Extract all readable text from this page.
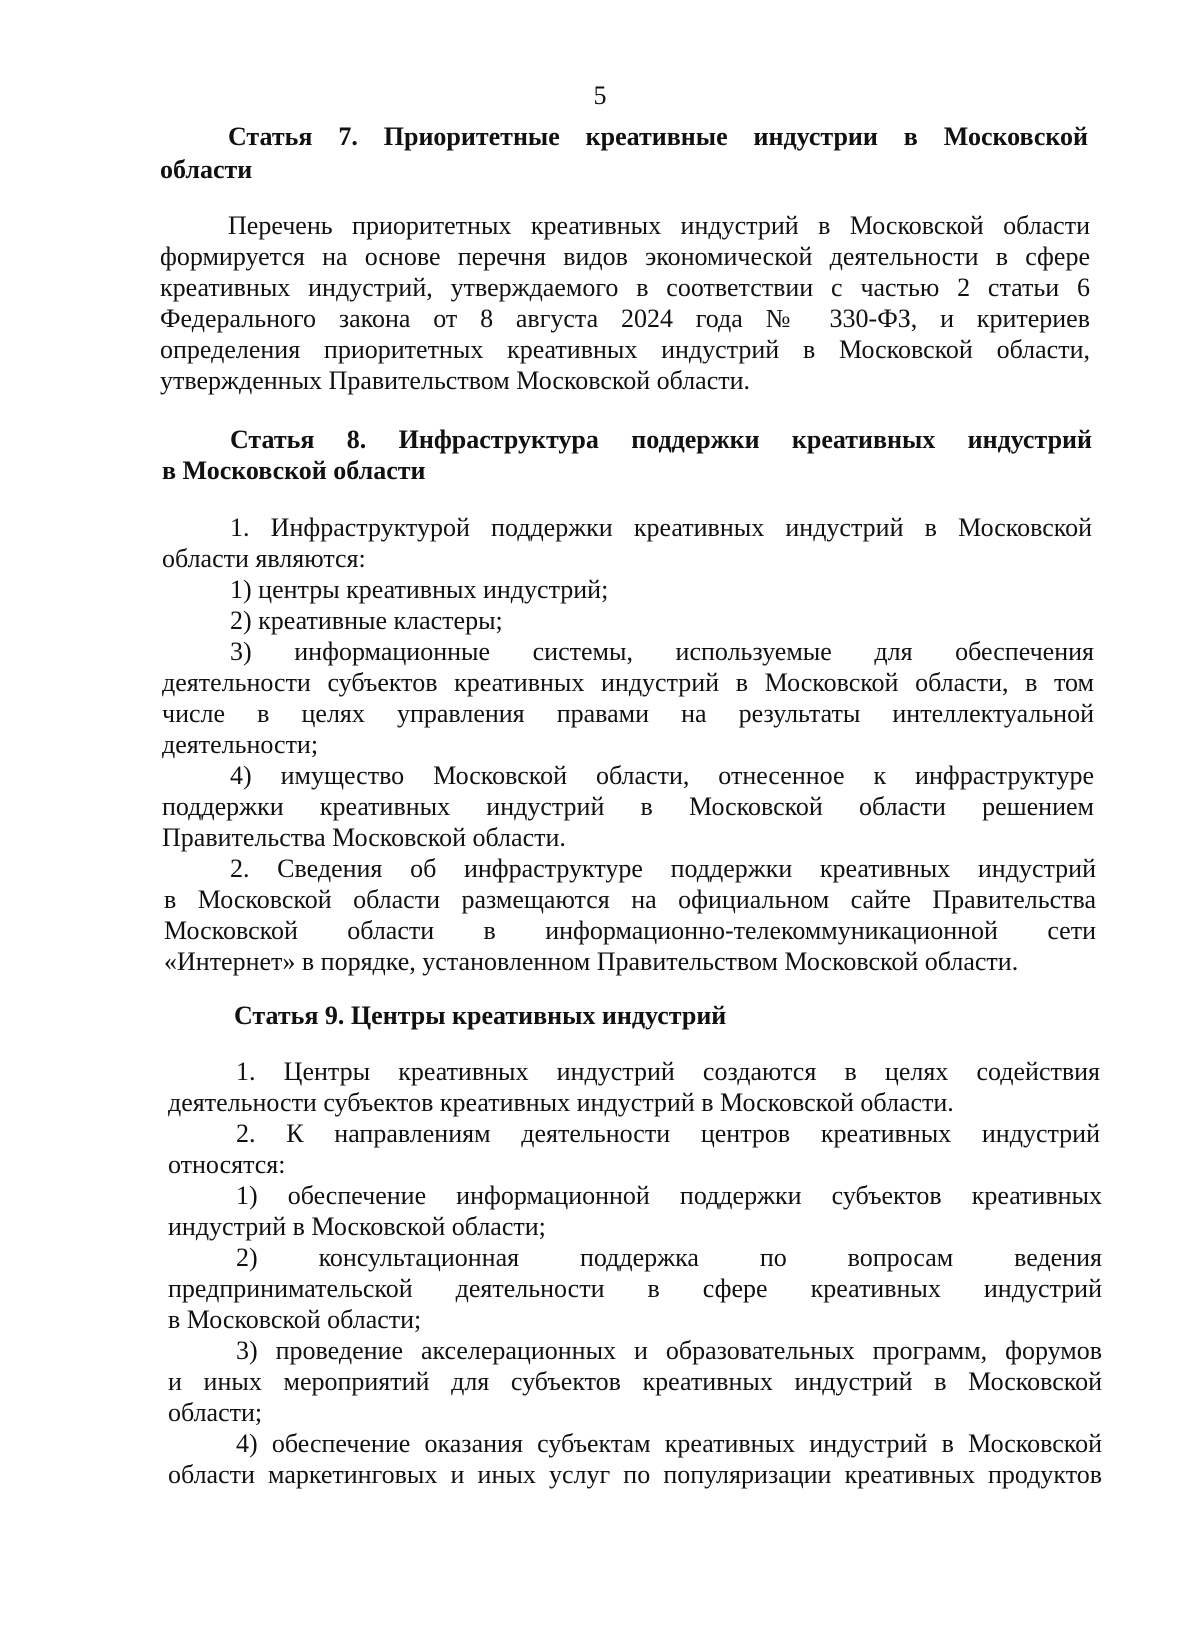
5
Статья 7. Приоритетные креативные индустрии в Московской
области
Перечень приоритетных креативных индустрий в Московской области
формируется на основе перечня видов экономической деятельности в сфере
креативных индустрий, утверждаемого в соответствии с частью 2 статьи 6
Федерального закона от 8 августа 2024 года № 330-ФЗ, и критериев
определения приоритетных креативных индустрий в Московской области,
утвержденных Правительством Московской области.
Статья 8. Инфраструктура поддержки креативных индустрий
в Московской области
1. Инфраструктурой поддержки креативных индустрий в Московской
области являются:
1) центры креативных индустрий;
2) креативные кластеры;
3) информационные системы, используемые для обеспечения
деятельности субъектов креативных индустрий в Московской области, в том
числе в целях управления правами на результаты интеллектуальной
деятельности;
4) имущество Московской области, отнесенное к инфраструктуре
поддержки креативных индустрий в Московской области решением
Правительства Московской области.
2. Сведения об инфраструктуре поддержки креативных индустрий
в Московской области размещаются на официальном сайте Правительства
Московской области в информационно-телекоммуникационной сети
«Интернет» в порядке, установленном Правительством Московской области.
Статья 9. Центры креативных индустрий
1. Центры креативных индустрий создаются в целях содействия
деятельности субъектов креативных индустрий в Московской области.
2. К направлениям деятельности центров креативных индустрий
относятся:
1) обеспечение информационной поддержки субъектов креативных
индустрий в Московской области;
2) консультационная поддержка по вопросам ведения
предпринимательской деятельности в сфере креативных индустрий
в Московской области;
3) проведение акселерационных и образовательных программ, форумов
и иных мероприятий для субъектов креативных индустрий в Московской
области;
4) обеспечение оказания субъектам креативных индустрий в Московской
области маркетинговых и иных услуг по популяризации креативных продуктов
